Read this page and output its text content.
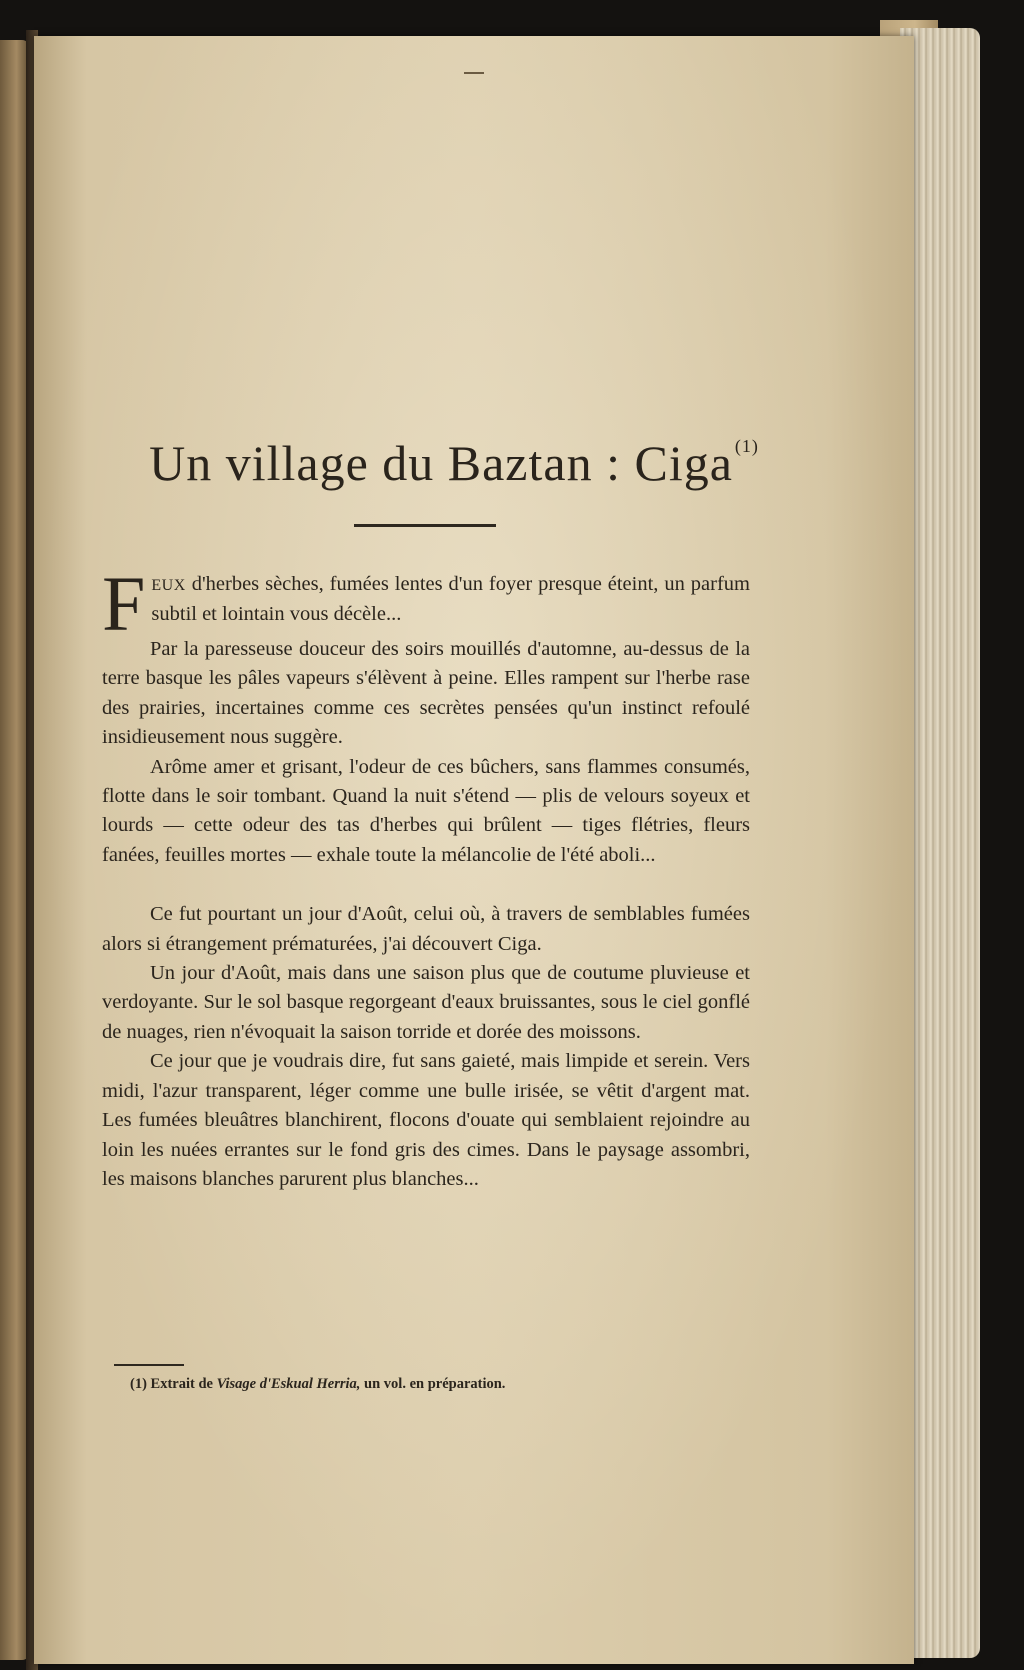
Un village du Baztan : Ciga $^{(1)}$

FEUX d'herbes sèches, fumées lentes d'un foyer presque éteint, un parfum subtil et lointain vous décèle...

Par la paresseuse douceur des soirs mouillés d'automne, au-dessus de la terre basque les pâles vapeurs s'élèvent à peine. Elles rampent sur l'herbe rase des prairies, incertaines comme ces secrètes pensées qu'un instinct refoulé insidieusement nous suggère.

Arôme amer et grisant, l'odeur de ces bûchers, sans flammes consumés, flotte dans le soir tombant. Quand la nuit s'étend — plis de velours soyeux et lourds — cette odeur des tas d'herbes qui brûlent — tiges flétries, fleurs fanées, feuilles mortes — exhale toute la mélancolie de l'été aboli...

Ce fut pourtant un jour d'Août, celui où, à travers de semblables fumées alors si étrangement prématurées, j'ai découvert Ciga.

Un jour d'Août, mais dans une saison plus que de coutume pluvieuse et verdoyante. Sur le sol basque regorgeant d'eaux bruissantes, sous le ciel gonflé de nuages, rien n'évoquait la saison torride et dorée des moissons.

Ce jour que je voudrais dire, fut sans gaieté, mais limpide et serein. Vers midi, l'azur transparent, léger comme une bulle irisée, se vêtit d'argent mat. Les fumées bleuâtres blanchirent, flocons d'ouate qui semblaient rejoindre au loin les nuées errantes sur le fond gris des cimes. Dans le paysage assombri, les maisons blanches parurent plus blanches...

(1) Extrait de Visage d'Eskual Herria, un vol. en préparation.
